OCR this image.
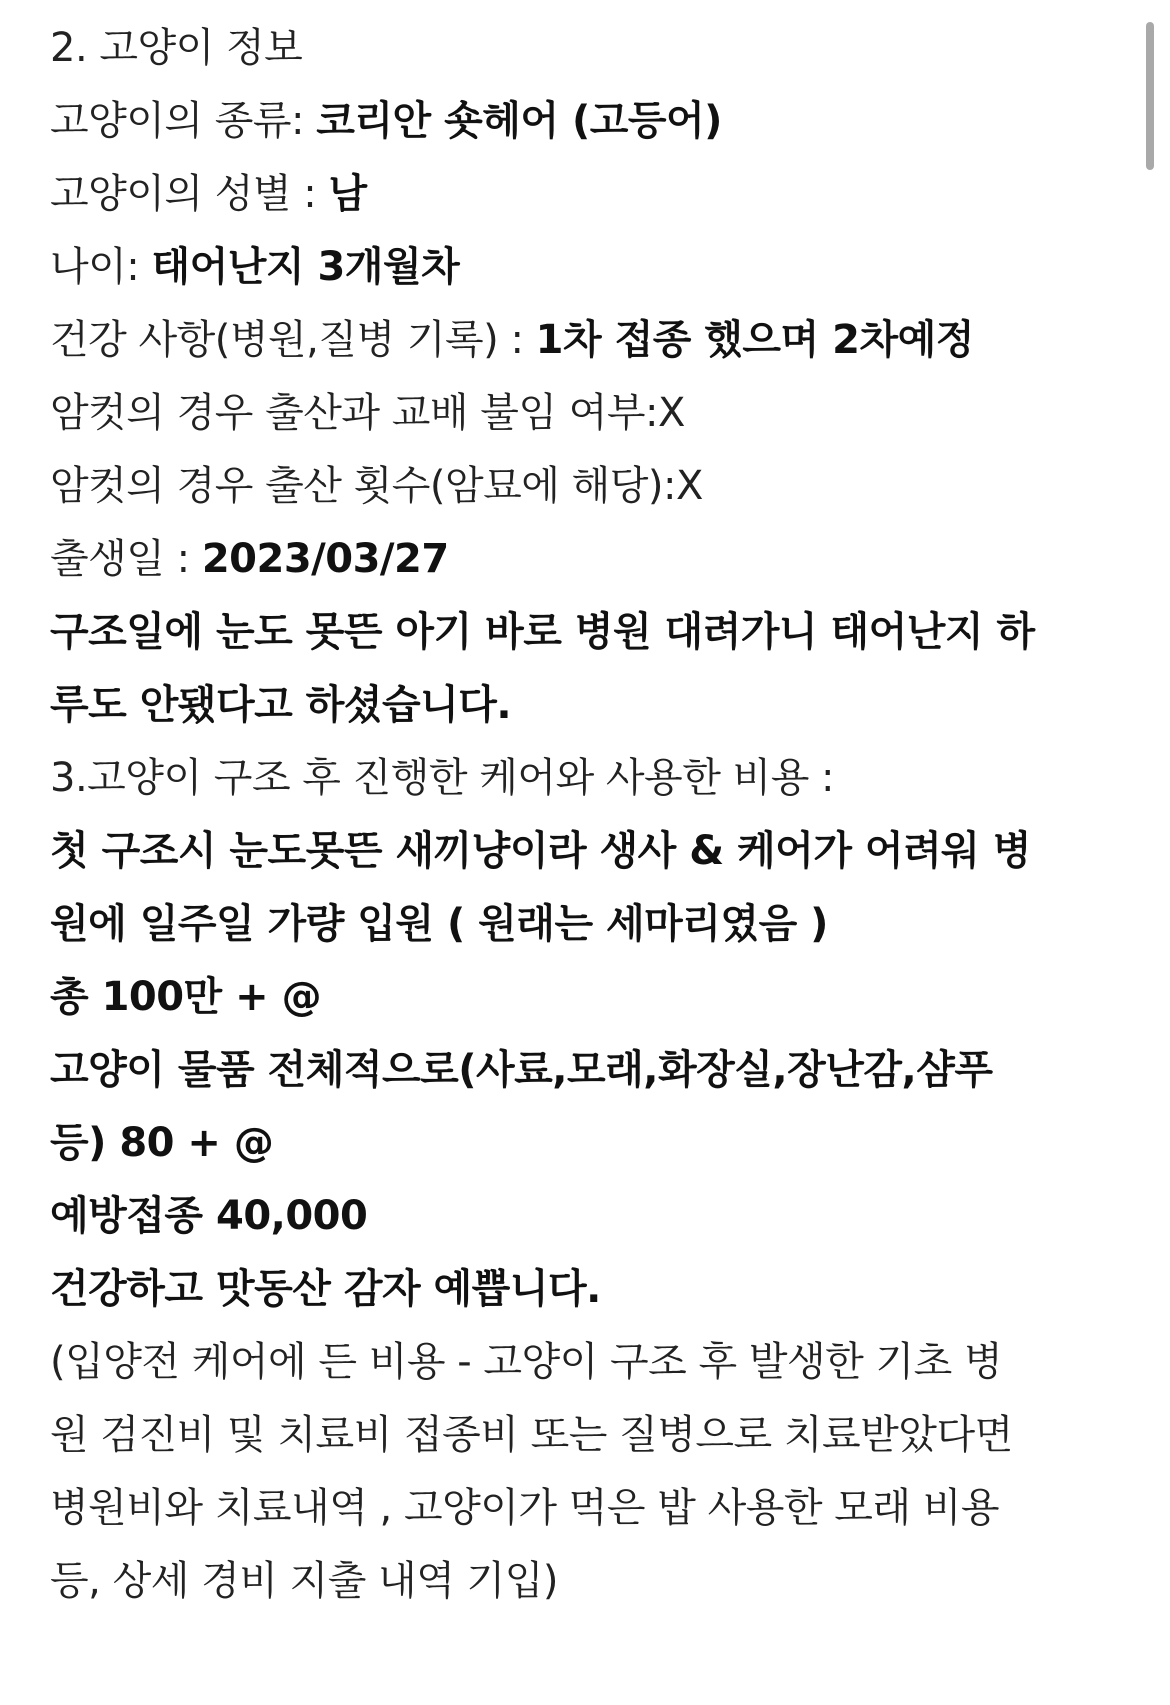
2. 고양이 정보
고양이의 종류: 코리안 숏헤어 (고등어)
고양이의 성별 : 남
나이: 태어난지 3개월차
건강 사항(병원,질병 기록) : 1차 접종 했으며 2차예정
암컷의 경우 출산과 교배 불임 여부:X
암컷의 경우 출산 횟수(암묘에 해당):X
출생일 : 2023/03/27
구조일에 눈도 못뜬 아기 바로 병원 대려가니 태어난지 하
루도 안됐다고 하셨습니다.
3.고양이 구조 후 진행한 케어와 사용한 비용 :
첫 구조시 눈도못뜬 새끼냥이라 생사 & 케어가 어려워 병
원에 일주일 가량 입원 ( 원래는 세마리였음 )
총 100만 + @
고양이 물품 전체적으로(사료,모래,화장실,장난감,샴푸
등) 80 + @
예방접종 40,000
건강하고 맛동산 감자 예쁩니다.
(입양전 케어에 든 비용 - 고양이 구조 후 발생한 기초 병
원 검진비 및 치료비 접종비 또는 질병으로 치료받았다면
병원비와 치료내역 , 고양이가 먹은 밥 사용한 모래 비용
등, 상세 경비 지출 내역 기입)
